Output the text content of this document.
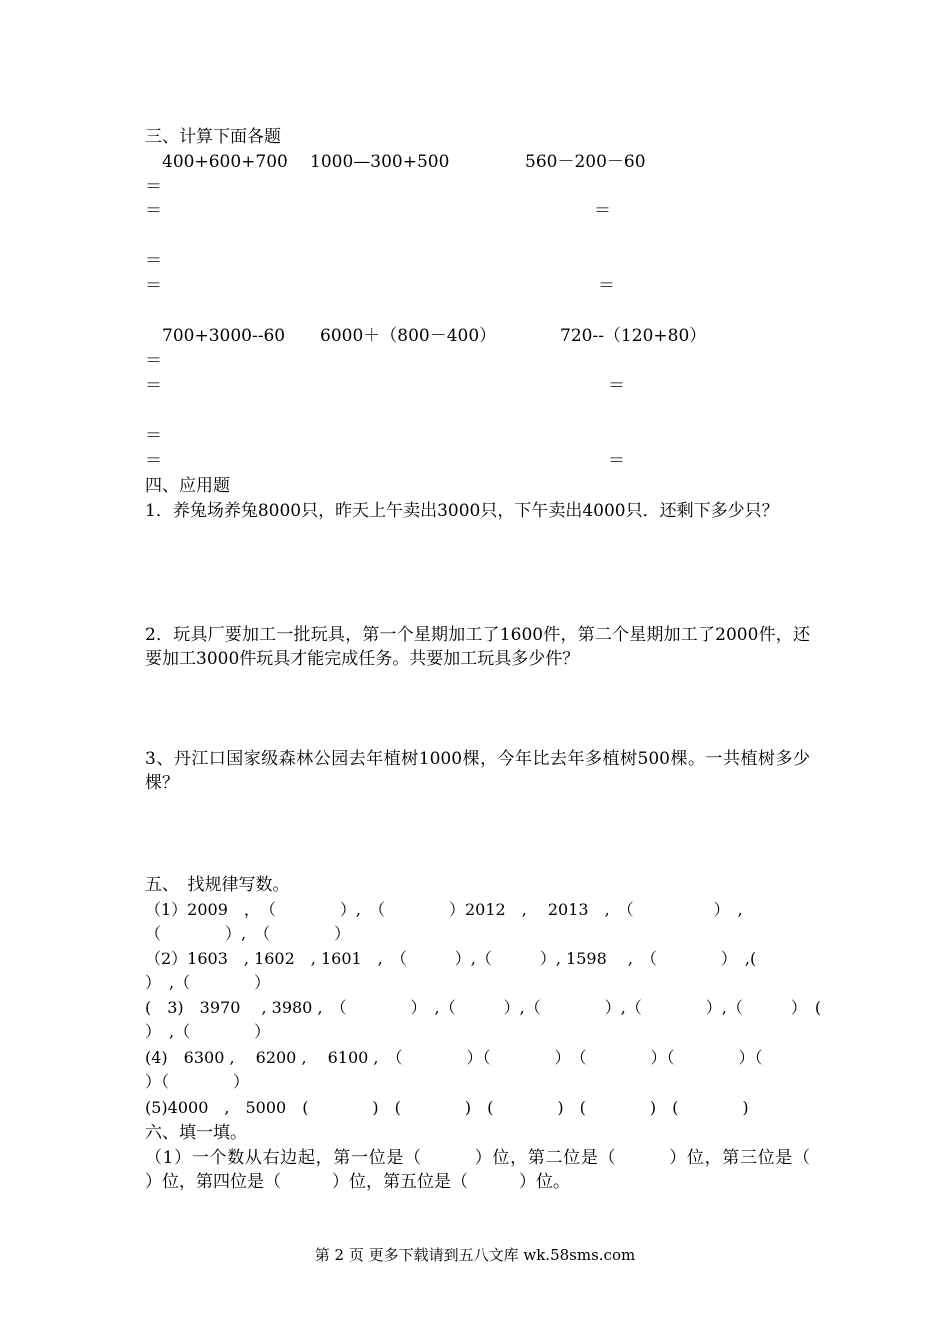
三、计算下面各题

400+600+700 1000—300+500	560－200－60

＝

＝	＝

＝

＝	＝

700+3000--60 6000＋（800－400）	720--（120+80）

＝

＝	＝

＝

＝	＝

四、应用题

1．养兔场养兔8000只，昨天上午卖出3000只，下午卖出4000只．还剩下多少只？

2．玩具厂要加工一批玩具，第一个星期加工了1600件，第二个星期加工了2000件，还要加工3000件玩具才能完成任务。共要加工玩具多少件？

3、丹江口国家级森林公园去年植树1000棵，今年比去年多植树500棵。一共植树多少棵？

五、　找规律写数。

（1）2009　，　（　　　　）,　（　　　　）2012　,　 2013　,　（　　　　　）　,

（　　　　）,　（　　　　）

（2）1603　, 1602　, 1601　,　（　　　）,（　　　）, 1598　 ,　（　　　　）　,(

）　,（　　　　）

(　3)　3970　 , 3980 ,　（　　　　）　,（　　　）,（　　　　）,（　　　　）,（　　　）　(

）　,（　　　　）

(4)　6300 ,　 6200 ,　 6100 ,　（　　　　）（　　　　）　（　　　　）（　　　　）（

）（　　　　）

(5)4000　,　5000　(　　　　)　(　　　　)　(　　　　)　(　　　　)　(　　　　)

六、填一填。

（1）一个数从右边起，第一位是（　　　）位，第二位是（　　　）位，第三位是（　　　）位，第四位是（　　　）位，第五位是（　　　）位。

第 2 页 更多下载请到五八文库 wk.58sms.com
